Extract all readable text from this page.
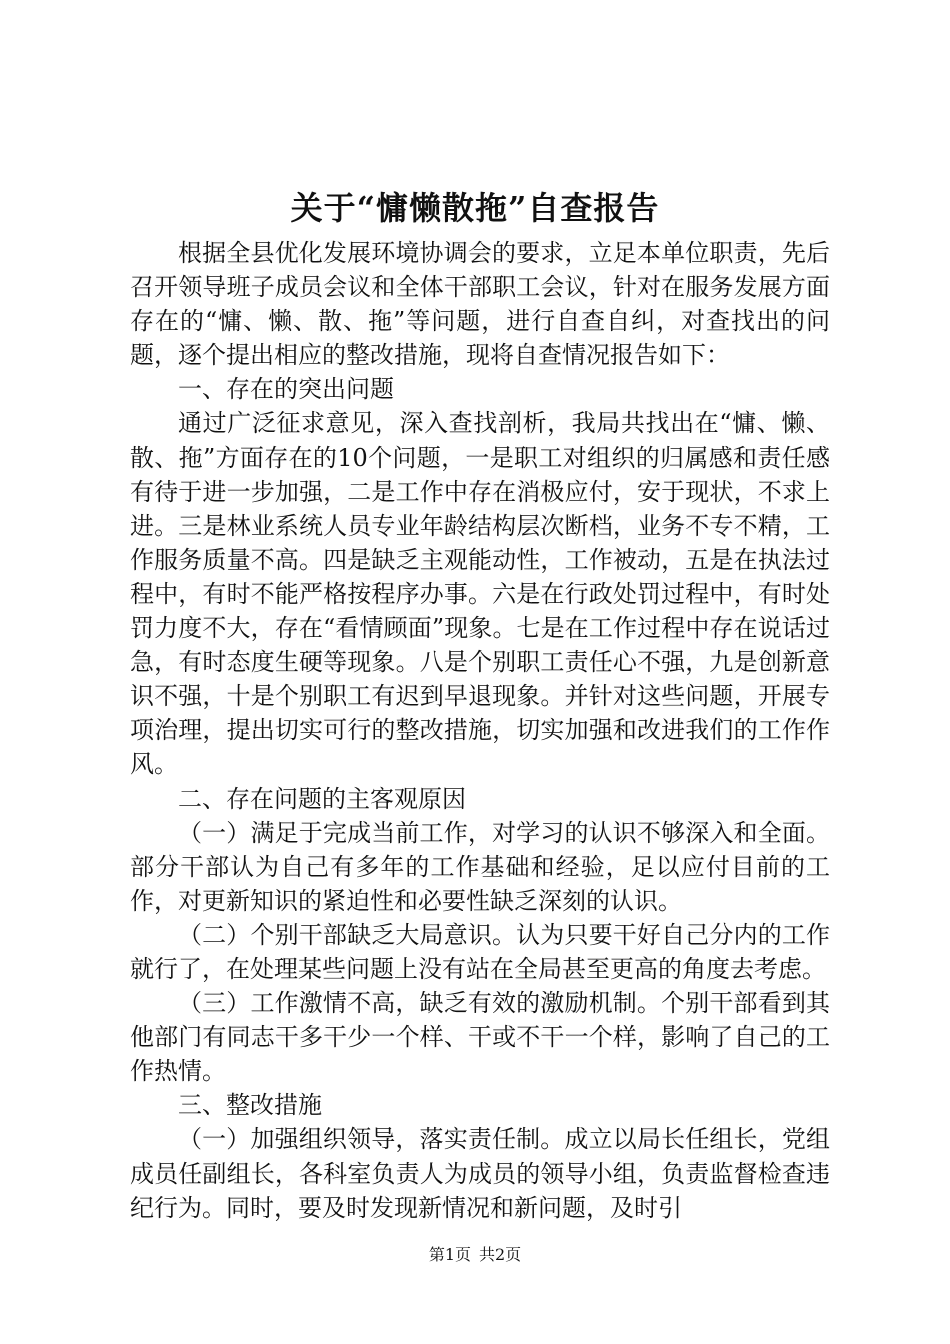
关于“慵懒散拖”自查报告

根据全县优化发展环境协调会的要求，立足本单位职责，先后召开领导班子成员会议和全体干部职工会议，针对在服务发展方面存在的“慵、懒、散、拖”等问题，进行自查自纠，对查找出的问题，逐个提出相应的整改措施，现将自查情况报告如下：

一、存在的突出问题

通过广泛征求意见，深入查找剖析，我局共找出在“慵、懒、散、拖”方面存在的10个问题，一是职工对组织的归属感和责任感有待于进一步加强，二是工作中存在消极应付，安于现状，不求上进。三是林业系统人员专业年龄结构层次断档，业务不专不精，工作服务质量不高。四是缺乏主观能动性，工作被动，五是在执法过程中，有时不能严格按程序办事。六是在行政处罚过程中，有时处罚力度不大，存在“看情顾面”现象。七是在工作过程中存在说话过急，有时态度生硬等现象。八是个别职工责任心不强，九是创新意识不强，十是个别职工有迟到早退现象。并针对这些问题，开展专项治理，提出切实可行的整改措施，切实加强和改进我们的工作作风。

二、存在问题的主客观原因

（一）满足于完成当前工作，对学习的认识不够深入和全面。部分干部认为自己有多年的工作基础和经验，足以应付目前的工作，对更新知识的紧迫性和必要性缺乏深刻的认识。

（二）个别干部缺乏大局意识。认为只要干好自己分内的工作就行了，在处理某些问题上没有站在全局甚至更高的角度去考虑。

（三）工作激情不高，缺乏有效的激励机制。个别干部看到其他部门有同志干多干少一个样、干或不干一个样，影响了自己的工作热情。

三、整改措施

（一）加强组织领导，落实责任制。成立以局长任组长，党组成员任副组长，各科室负责人为成员的领导小组，负责监督检查违纪行为。同时，要及时发现新情况和新问题，及时引

第1页 共2页
